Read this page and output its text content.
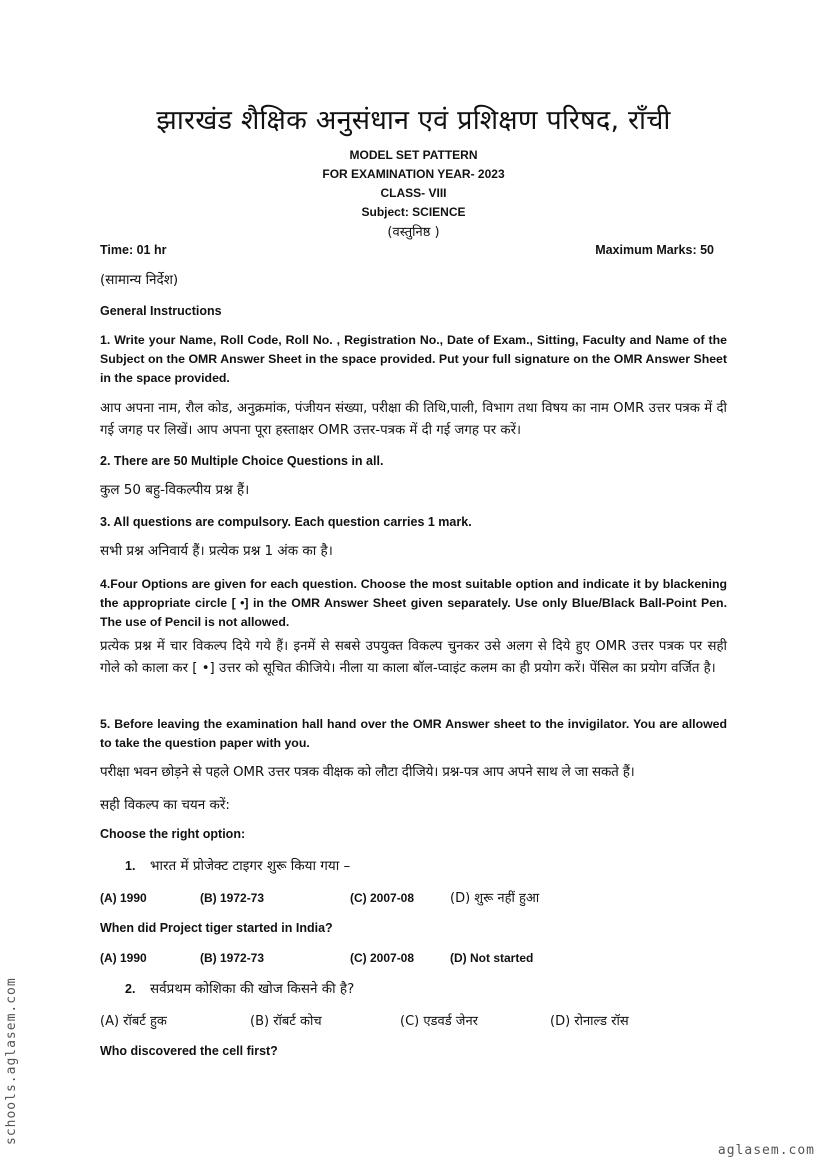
झारखंड शैक्षिक अनुसंधान एवं प्रशिक्षण परिषद, राँची
MODEL SET PATTERN
FOR EXAMINATION YEAR- 2023
CLASS- VIII
Subject: SCIENCE
(वस्तुनिष्ठ )
Time: 01 hr	Maximum Marks: 50
(सामान्य निर्देश)
General Instructions
1. Write your Name, Roll Code, Roll No. , Registration No., Date of Exam., Sitting, Faculty and Name of the Subject on the OMR Answer Sheet in the space provided. Put your full signature on the OMR Answer Sheet in the space provided.
आप अपना नाम, रौल कोड, अनुक्रमांक, पंजीयन संख्या, परीक्षा की तिथि,पाली, विभाग तथा विषय का नाम OMR उत्तर पत्रक में दी गई जगह पर लिखें। आप अपना पूरा हस्ताक्षर OMR उत्तर-पत्रक में दी गई जगह पर करें।
2. There are 50 Multiple Choice Questions in all.
कुल 50 बहु-विकल्पीय प्रश्न हैं।
3. All questions are compulsory. Each question carries 1 mark.
सभी प्रश्न अनिवार्य हैं। प्रत्येक प्रश्न 1 अंक का है।
4.Four Options are given for each question. Choose the most suitable option and indicate it by blackening the appropriate circle [ •] in the OMR Answer Sheet given separately. Use only Blue/Black Ball-Point Pen. The use of Pencil is not allowed.
प्रत्येक प्रश्न में चार विकल्प दिये गये हैं। इनमें से सबसे उपयुक्त विकल्प चुनकर उसे अलग से दिये हुए OMR उत्तर पत्रक पर सही गोले को काला कर [ •] उत्तर को सूचित कीजिये। नीला या काला बॉल-प्वाइंट कलम का ही प्रयोग करें। पेंसिल का प्रयोग वर्जित है।
5. Before leaving the examination hall hand over the OMR Answer sheet to the invigilator. You are allowed to take the question paper with you.
परीक्षा भवन छोड़ने से पहले OMR उत्तर पत्रक वीक्षक को लौटा दीजिये। प्रश्न-पत्र आप अपने साथ ले जा सकते हैं।
सही विकल्प का चयन करें:
Choose the right option:
1. भारत में प्रोजेक्ट टाइगर शुरू किया गया –
(A) 1990	(B) 1972-73	(C) 2007-08	(D) शुरू नहीं हुआ
When did Project tiger started in India?
(A) 1990	(B) 1972-73	(C) 2007-08	(D) Not started
2. सर्वप्रथम कोशिका की खोज किसने की है?
(A) रॉबर्ट हुक	(B) रॉबर्ट कोच	(C) एडवर्ड जेनर	(D) रोनाल्ड रॉस
Who discovered the cell first?
schools.aglasem.com
aglasem.com
